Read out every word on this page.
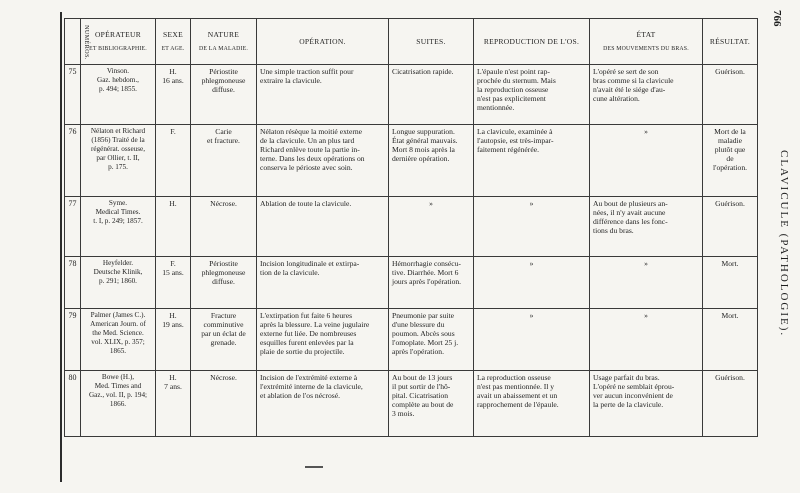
NUMÉROS.	OPÉRATEUR
ET BIBLIOGRAPHIE.	SEXE
ET AGE.	NATURE
DE LA MALADIE.	OPÉRATION.	SUITES.	REPRODUCTION DE L'OS.	ÉTAT
DES MOUVEMENTS DU BRAS.	RÉSULTAT.

75	Vinson.
Gaz. hebdom.,
p. 494; 1855.	H.
16 ans.	Périostite
phlegmoneuse
diffuse.	Une simple traction suffit pour
extraire la clavicule.	Cicatrisation rapide.	L'épaule n'est point rap-
prochée du sternum. Mais
la reproduction osseuse
n'est pas explicitement
mentionnée.	L'opéré se sert de son
bras comme si la clavicule
n'avait été le siége d'au-
cune altération.	Guérison.

76	Nélaton et Richard
(1856) Traité de la
régénérat. osseuse,
par Ollier, t. II,
p. 175.	F.	Carie
et fracture.	Nélaton résèque la moitié externe
de la clavicule. Un an plus tard
Richard enlève toute la partie in-
terne. Dans les deux opérations on
conserva le périoste avec soin.	Longue suppuration.
État général mauvais.
Mort 8 mois après la
dernière opération.	La clavicule, examinée à
l'autopsie, est très-impar-
faitement régénérée.	»	Mort de la
maladie
plutôt que
de
l'opération.

77	Syme.
Medical Times.
t. I, p. 249; 1857.	H.	Nécrose.	Ablation de toute la clavicule.	»	»	Au bout de plusieurs an-
nées, il n'y avait aucune
différence dans les fonc-
tions du bras.	Guérison.

78	Heyfelder.
Deutsche Klinik,
p. 291; 1860.	F.
15 ans.	Périostite
phlegmoneuse
diffuse.	Incision longitudinale et extirpa-
tion de la clavicule.	Hémorrhagie consécu-
tive. Diarrhée. Mort 6
jours après l'opération.	»	»	Mort.

79	Palmer (James C.).
American Journ. of
the Med. Science.
vol. XLIX, p. 357;
1865.	H.
19 ans.	Fracture
comminutive
par un éclat de
grenade.	L'extirpation fut faite 6 heures
après la blessure. La veine jugulaire
externe fut liée. De nombreuses
esquilles furent enlevées par la
plaie de sortie du projectile.	Pneumonie par suite
d'une blessure du
poumon. Abcès sous
l'omoplate. Mort 25 j.
après l'opération.	»	»	Mort.

80	Bowe (H.),
Med. Times and
Gaz., vol. II, p. 194;
1866.	H.
7 ans.	Nécrose.	Incision de l'extrémité externe à
l'extrémité interne de la clavicule,
et ablation de l'os nécrosé.	Au bout de 13 jours
il put sortir de l'hô-
pital. Cicatrisation
complète au bout de
3 mois.	La reproduction osseuse
n'est pas mentionnée. Il y
avait un abaissement et un
rapprochement de l'épaule.	Usage parfait du bras.
L'opéré ne semblait éprou-
ver aucun inconvénient de
la perte de la clavicule.	Guérison.
766
CLAVICULE (PATHOLOGIE).
